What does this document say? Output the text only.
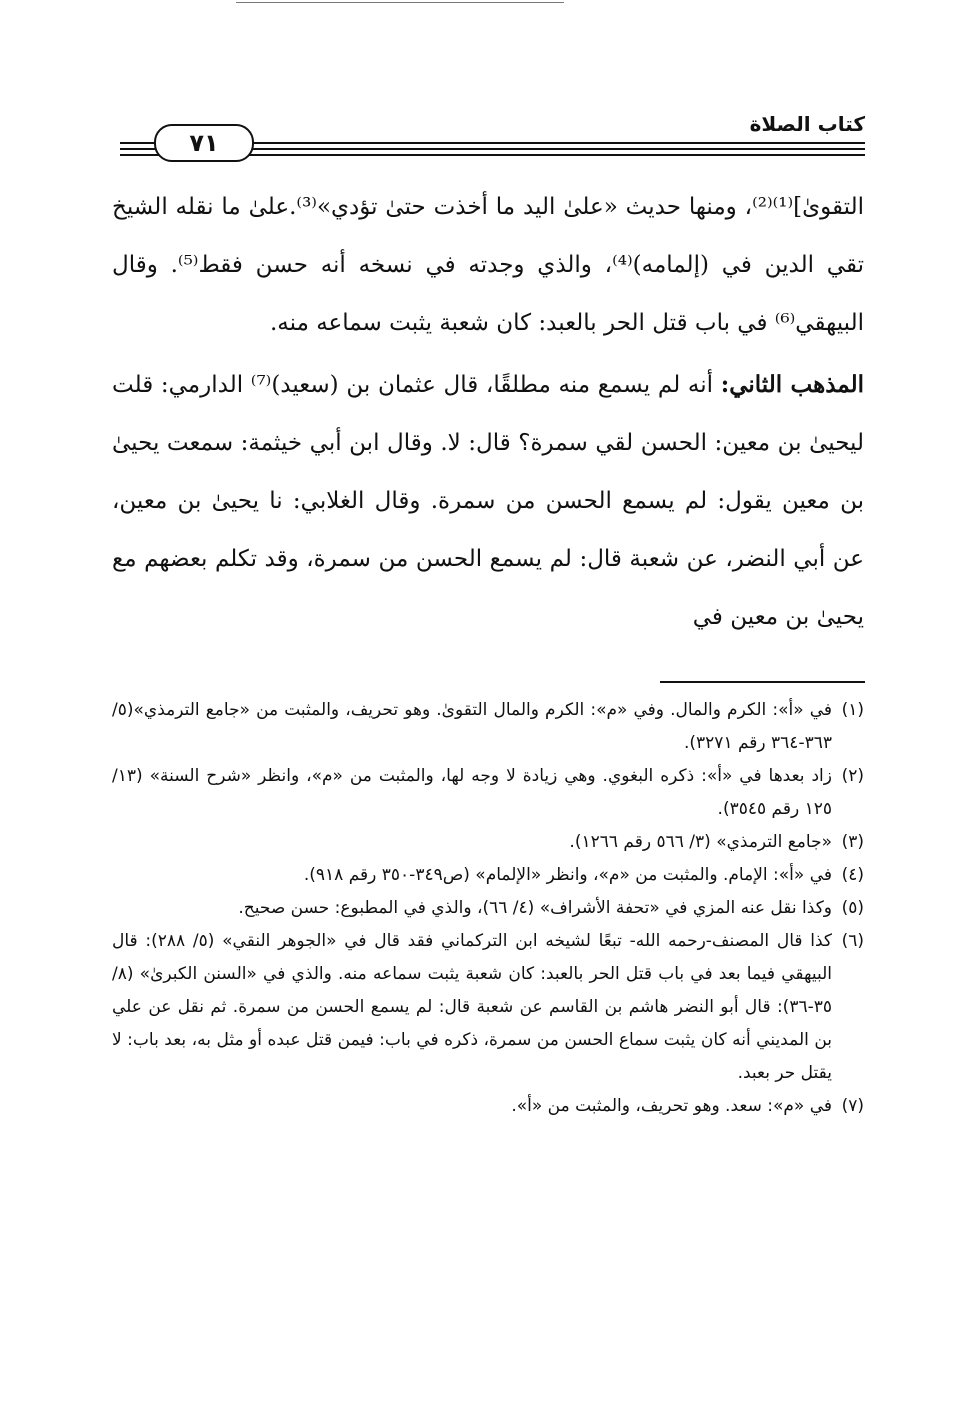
٧١
كتاب الصلاة

التقوىٰ]⁽¹⁾⁽²⁾، ومنها حديث «علىٰ اليد ما أخذت حتىٰ تؤدي»⁽³⁾.علىٰ ما نقله الشيخ تقي الدين في (إلمامه)⁽⁴⁾، والذي وجدته في نسخه أنه حسن فقط⁽⁵⁾. وقال البيهقي⁽⁶⁾ في باب قتل الحر بالعبد: كان شعبة يثبت سماعه منه.

المذهب الثاني: أنه لم يسمع منه مطلقًا، قال عثمان بن (سعيد)⁽⁷⁾ الدارمي: قلت ليحيىٰ بن معين: الحسن لقي سمرة؟ قال: لا. وقال ابن أبي خيثمة: سمعت يحيىٰ بن معين يقول: لم يسمع الحسن من سمرة. وقال الغلابي: نا يحيىٰ بن معين، عن أبي النضر، عن شعبة قال: لم يسمع الحسن من سمرة، وقد تكلم بعضهم مع يحيىٰ بن معين في

(١)
في «أ»: الكرم والمال. وفي «م»: الكرم والمال التقوىٰ. وهو تحريف، والمثبت من «جامع الترمذي»(٥/ ٣٦٣-٣٦٤ رقم ٣٢٧١).
(٢)
زاد بعدها في «أ»: ذكره البغوي. وهي زيادة لا وجه لها، والمثبت من «م»، وانظر «شرح السنة» (١٣/ ١٢٥ رقم ٣٥٤٥).
(٣)
«جامع الترمذي» (٣/ ٥٦٦ رقم ١٢٦٦).
(٤)
في «أ»: الإمام. والمثبت من «م»، وانظر «الإلمام» (ص٣٤٩-٣٥٠ رقم ٩١٨).
(٥)
وكذا نقل عنه المزي في «تحفة الأشراف» (٤/ ٦٦)، والذي في المطبوع: حسن صحيح.
(٦)
كذا قال المصنف-رحمه الله- تبعًا لشيخه ابن التركماني فقد قال في «الجوهر النقي» (٥/ ٢٨٨): قال البيهقي فيما بعد في باب قتل الحر بالعبد: كان شعبة يثبت سماعه منه. والذي في «السنن الكبرىٰ» (٨/ ٣٥-٣٦): قال أبو النضر هاشم بن القاسم عن شعبة قال: لم يسمع الحسن من سمرة. ثم نقل عن علي بن المديني أنه كان يثبت سماع الحسن من سمرة، ذكره في باب: فيمن قتل عبده أو مثل به، بعد باب: لا يقتل حر بعبد.
(٧)
في «م»: سعد. وهو تحريف، والمثبت من «أ».
